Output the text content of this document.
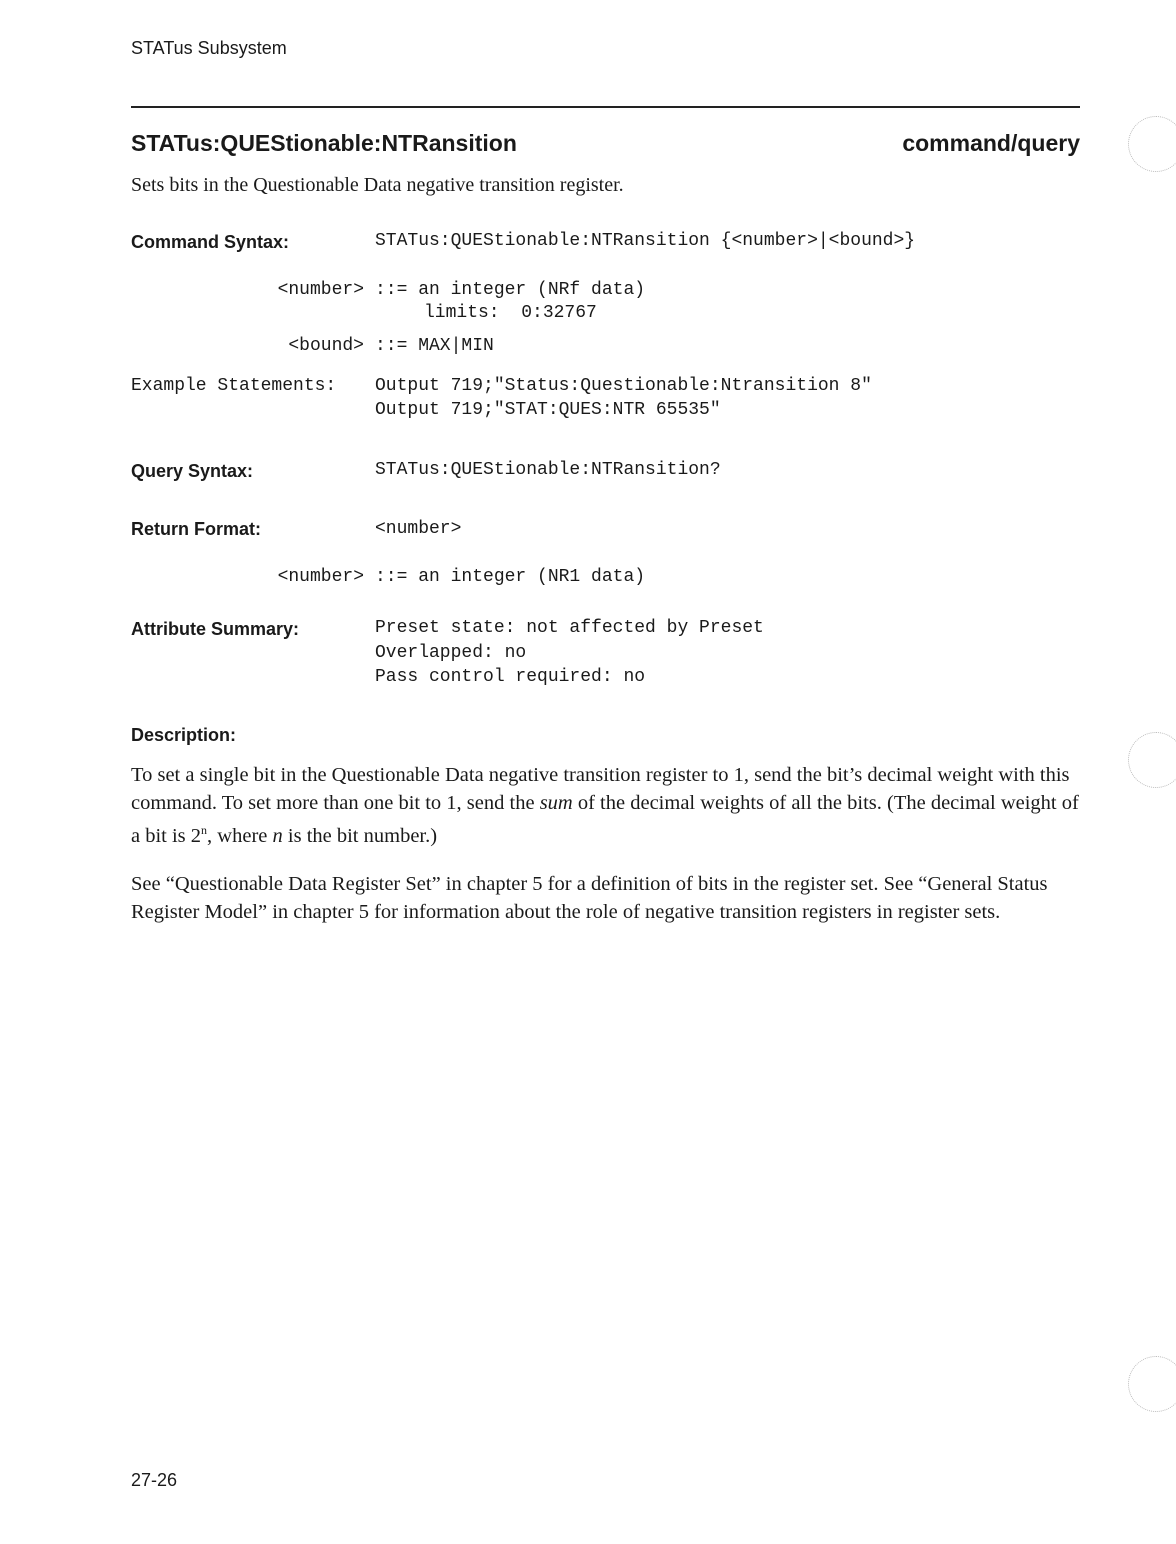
STATus Subsystem
STATus:QUEStionable:NTRansition	command/query
Sets bits in the Questionable Data negative transition register.
Command Syntax:	STATus:QUEStionable:NTRansition {<number>|<bound>}
<number> ::= an integer (NRf data)
limits:  0:32767
<bound> ::= MAX|MIN
Example Statements: Output 719;"Status:Questionable:Ntransition 8"
Output 719;"STAT:QUES:NTR 65535"
Query Syntax:	STATus:QUEStionable:NTRansition?
Return Format:	<number>
<number> ::= an integer (NR1 data)
Attribute Summary:	Preset state: not affected by Preset
Overlapped: no
Pass control required: no
Description:

To set a single bit in the Questionable Data negative transition register to 1, send the bit’s decimal weight with this command. To set more than one bit to 1, send the sum of the decimal weights of all the bits. (The decimal weight of a bit is 2$^n$, where n is the bit number.)

See “Questionable Data Register Set” in chapter 5 for a definition of bits in the register set. See “General Status Register Model” in chapter 5 for information about the role of negative transition registers in register sets.

27-26
